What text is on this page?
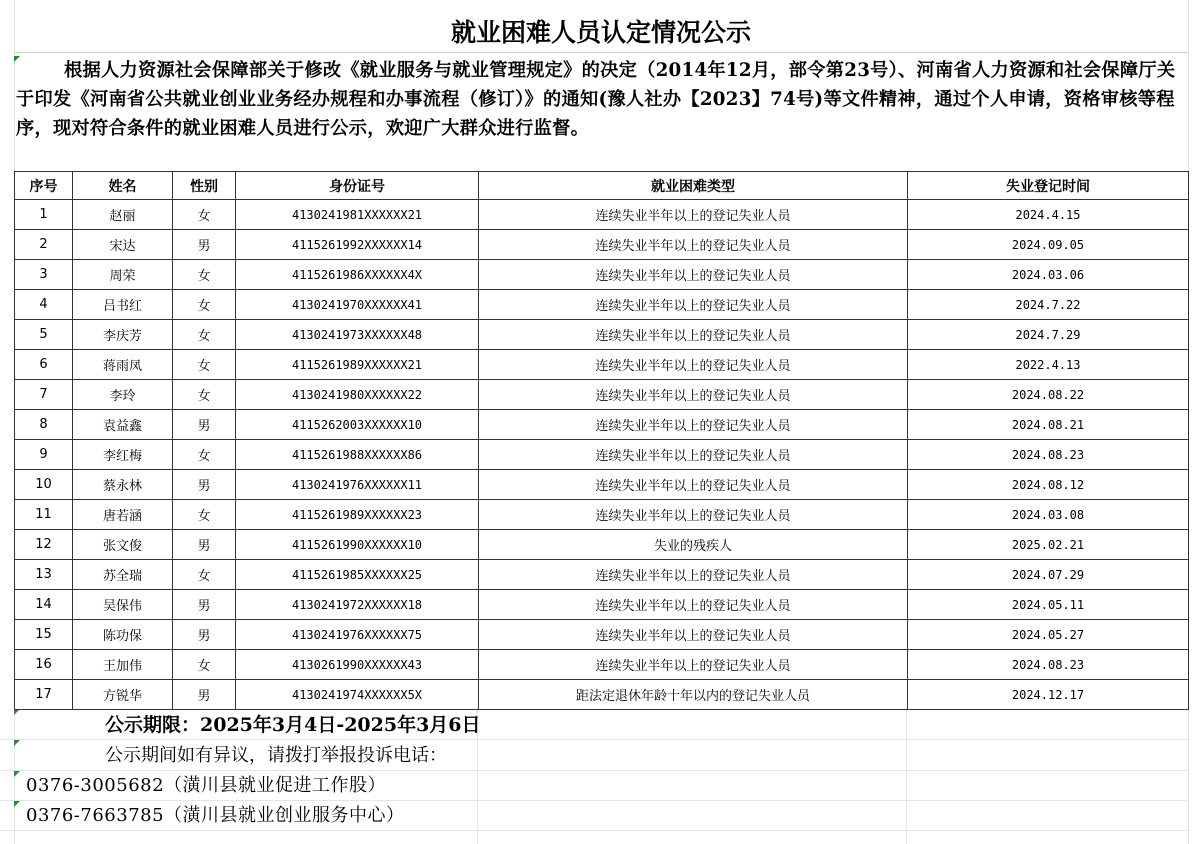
就业困难人员认定情况公示
根据人力资源社会保障部关于修改《就业服务与就业管理规定》的决定（2014年12月，部令第23号）、河南省人力资源和社会保障厅关于印发《河南省公共就业创业业务经办规程和办事流程（修订）》的通知(豫人社办【2023】74号)等文件精神，通过个人申请，资格审核等程序，现对符合条件的就业困难人员进行公示，欢迎广大群众进行监督。
序号	姓名	性别	身份证号	就业困难类型	失业登记时间
1	赵丽	女	4130241981XXXXXX21	连续失业半年以上的登记失业人员	2024.4.15
2	宋达	男	4115261992XXXXXX14	连续失业半年以上的登记失业人员	2024.09.05
3	周荣	女	4115261986XXXXXX4X	连续失业半年以上的登记失业人员	2024.03.06
4	吕书红	女	4130241970XXXXXX41	连续失业半年以上的登记失业人员	2024.7.22
5	李庆芳	女	4130241973XXXXXX48	连续失业半年以上的登记失业人员	2024.7.29
6	蒋雨凤	女	4115261989XXXXXX21	连续失业半年以上的登记失业人员	2022.4.13
7	李玲	女	4130241980XXXXXX22	连续失业半年以上的登记失业人员	2024.08.22
8	袁益鑫	男	4115262003XXXXXX10	连续失业半年以上的登记失业人员	2024.08.21
9	李红梅	女	4115261988XXXXXX86	连续失业半年以上的登记失业人员	2024.08.23
10	蔡永林	男	4130241976XXXXXX11	连续失业半年以上的登记失业人员	2024.08.12
11	唐若涵	女	4115261989XXXXXX23	连续失业半年以上的登记失业人员	2024.03.08
12	张文俊	男	4115261990XXXXXX10	失业的残疾人	2025.02.21
13	苏全瑞	女	4115261985XXXXXX25	连续失业半年以上的登记失业人员	2024.07.29
14	吴保伟	男	4130241972XXXXXX18	连续失业半年以上的登记失业人员	2024.05.11
15	陈功保	男	4130241976XXXXXX75	连续失业半年以上的登记失业人员	2024.05.27
16	王加伟	女	4130261990XXXXXX43	连续失业半年以上的登记失业人员	2024.08.23
17	方锐华	男	4130241974XXXXXX5X	距法定退休年龄十年以内的登记失业人员	2024.12.17
公示期限：2025年3月4日-2025年3月6日
公示期间如有异议，请拨打举报投诉电话：
0376-3005682（潢川县就业促进工作股）
0376-7663785（潢川县就业创业服务中心）
